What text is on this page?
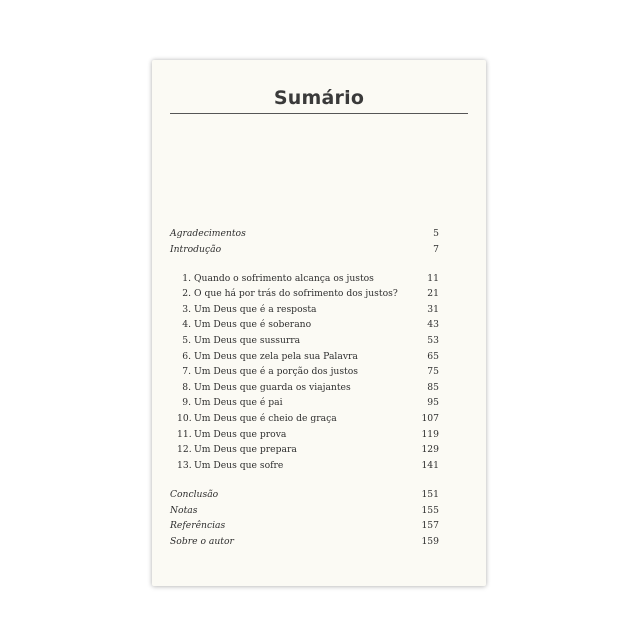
Sumário
Agradecimentos	5
Introdução	7
1. Quando o sofrimento alcança os justos	11
2. O que há por trás do sofrimento dos justos?	21
3. Um Deus que é a resposta	31
4. Um Deus que é soberano	43
5. Um Deus que sussurra	53
6. Um Deus que zela pela sua Palavra	65
7. Um Deus que é a porção dos justos	75
8. Um Deus que guarda os viajantes	85
9. Um Deus que é pai	95
10. Um Deus que é cheio de graça	107
11. Um Deus que prova	119
12. Um Deus que prepara	129
13. Um Deus que sofre	141
Conclusão	151
Notas	155
Referências	157
Sobre o autor	159
